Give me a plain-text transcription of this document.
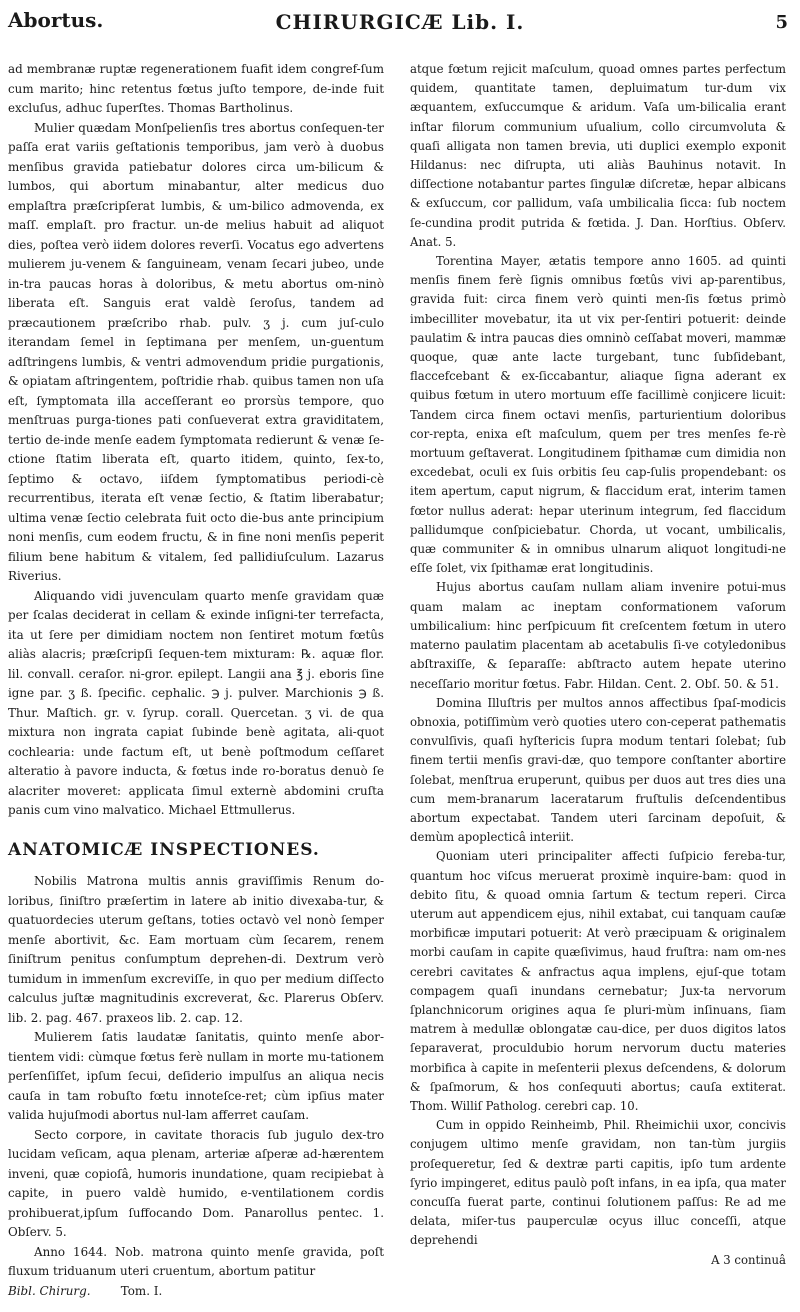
Abortus.	CHIRURGICÆ Lib. I.	5

ad membranæ ruptæ regenerationem fuafit idem congref-ſum cum marito; hinc retentus fœtus juſto tempore, de-inde fuit excluſus, adhuc ſuperſtes. Thomas Bartholinus.

Mulier quædam Monſpelienſis tres abortus conſequen-ter paſſa erat variis geſtationis temporibus, jam verò à duobus menſibus gravida patiebatur dolores circa um-bilicum & lumbos, qui abortum minabantur, alter medicus duo emplaſtra præſcripſerat lumbis, & um-bilico admovenda, ex maſſ. emplaſt. pro fractur. un-de melius habuit ad aliquot dies, poſtea verò iidem dolores reverſi. Vocatus ego advertens mulierem ju-venem & ſanguineam, venam ſecari jubeo, unde in-tra paucas horas à doloribus, & metu abortus om-ninò liberata eſt. Sanguis erat valdè ſeroſus, tandem ad præcautionem præſcribo rhab. pulv. ʒ j. cum juſ-culo iterandam ſemel in ſeptimana per menſem, un-guentum adſtringens lumbis, & ventri admovendum pridie purgationis, & opiatam aſtringentem, poſtridie rhab. quibus tamen non uſa eſt, ſymptomata illa acceſſerant eo prorsùs tempore, quo menſtruas purga-tiones pati conſueverat extra graviditatem, tertio de-inde menſe eadem ſymptomata redierunt & venæ ſe-ctione ſtatim liberata eſt, quarto itidem, quinto, ſex-to, ſeptimo & octavo, iiſdem ſymptomatibus periodi-cè recurrentibus, iterata eſt venæ ſectio, & ſtatim liberabatur; ultima venæ ſectio celebrata fuit octo die-bus ante principium noni menſis, cum eodem fructu, & in fine noni menſis peperit filium bene habitum & vitalem, ſed pallidiuſculum. Lazarus Riverius.

Aliquando vidi juvenculam quarto menſe gravidam quæ per ſcalas deciderat in cellam & exinde inſigni-ter terrefacta, ita ut ſere per dimidiam noctem non ſentiret motum fœtûs aliàs alacris; præſcripſi ſequen-tem mixturam: ℞. aquæ flor. lil. convall. ceraſor. ni-gror. epilept. Langii ana ℥ j. eboris ſine igne par. ʒ ß. ſpecific. cephalic. ℈ j. pulver. Marchionis ℈ ß. Thur. Maſtich. gr. v. ſyrup. corall. Quercetan. ʒ vi. de qua mixtura non ingrata capiat ſubinde benè agitata, ali-quot cochlearia: unde factum eſt, ut benè poſtmodum ceſſaret alteratio à pavore inducta, & fœtus inde ro-boratus denuò ſe alacriter moveret: applicata ſimul externè abdomini cruſta panis cum vino malvatico. Michael Ettmullerus.

ANATOMICÆ INSPECTIONES.

Nobilis Matrona multis annis graviſſimis Renum do-loribus, ſiniſtro præſertim in latere ab initio divexaba-tur, & quatuordecies uterum geſtans, toties octavò vel nonò ſemper menſe abortivit, &c. Eam mortuam cùm ſecarem, renem ſiniſtrum penitus conſumptum deprehen-di. Dextrum verò tumidum in immenſum excreviſſe, in quo per medium diſſecto calculus juſtæ magnitudinis excreverat, &c. Plarerus Obſerv. lib. 2. pag. 467. praxeos lib. 2. cap. 12.

Mulierem ſatis laudatæ ſanitatis, quinto menſe abor-tientem vidi: cùmque fœtus ferè nullam in morte mu-tationem perſenſiſſet, ipſum ſecui, deſiderio impulſus an aliqua necis cauſa in tam robuſto fœtu innoteſce-ret; cùm ipſius mater valida hujuſmodi abortus nul-lam afferret cauſam.

Secto corpore, in cavitate thoracis ſub jugulo dex-tro lucidam veſicam, aqua plenam, arteriæ aſperæ ad-hærentem inveni, quæ copioſâ, humoris inundatione, quam recipiebat à capite, in puero valdè humido, e-ventilationem cordis prohibuerat,ipſum ſuffocando Dom. Panarollus pentec. 1. Obſerv. 5.

Anno 1644. Nob. matrona quinto menſe gravida, poſt fluxum triduanum uteri cruentum, abortum patitur

Bibl. Chirurg.	Tom. I.

atque fœtum rejicit maſculum, quoad omnes partes perfectum quidem, quantitate tamen, depluimatum tur-dum vix æquantem, exſuccumque & aridum. Vaſa um-bilicalia erant inſtar filorum communium uſualium, collo circumvoluta & quaſi alligata non tamen brevia, uti duplici exemplo exponit Hildanus: nec diſrupta, uti aliàs Bauhinus notavit. In diſſectione notabantur partes ſingulæ diſcretæ, hepar albicans & exſuccum, cor pallidum, vaſa umbilicalia ſicca: ſub noctem ſe-cundina prodit putrida & fœtida. J. Dan. Horſtius. Obſerv. Anat. 5.

Torentina Mayer, ætatis tempore anno 1605. ad quinti menſis finem ferè ſignis omnibus fœtûs vivi ap-parentibus, gravida fuit: circa finem verò quinti men-ſis fœtus primò imbecilliter movebatur, ita ut vix per-ſentiri potuerit: deinde paulatim & intra paucas dies omninò ceſſabat moveri, mammæ quoque, quæ ante lacte turgebant, tunc ſubſidebant, flaccefcebant & ex-ſiccabantur, aliaque ſigna aderant ex quibus fœtum in utero mortuum eſſe facillimè conjicere licuit: Tandem circa finem octavi menſis, parturientium doloribus cor-repta, enixa eſt maſculum, quem per tres menſes fe-rè mortuum geſtaverat. Longitudinem ſpithamæ cum dimidia non excedebat, oculi ex ſuis orbitis ſeu cap-ſulis propendebant: os item apertum, caput nigrum, & flaccidum erat, interim tamen fœtor nullus aderat: hepar uterinum integrum, ſed flaccidum pallidumque conſpiciebatur. Chorda, ut vocant, umbilicalis, quæ communiter & in omnibus ulnarum aliquot longitudi-ne eſſe ſolet, vix ſpithamæ erat longitudinis.

Hujus abortus cauſam nullam aliam invenire potui-mus quam malam ac ineptam conformationem vaſorum umbilicalium: hinc perſpicuum fit creſcentem fœtum in utero materno paulatim placentam ab acetabulis ſi-ve cotyledonibus abſtraxiſſe, & ſeparaſſe: abſtracto autem hepate uterino neceſſario moritur fœtus. Fabr. Hildan. Cent. 2. Obſ. 50. & 51.

Domina Illuſtris per multos annos affectibus ſpaſ-modicis obnoxia, potiſſimùm verò quoties utero con-ceperat pathematis convulſivis, quaſi hyſtericis ſupra modum tentari ſolebat; ſub finem tertii menſis gravi-dæ, quo tempore conſtanter abortire ſolebat, menſtrua eruperunt, quibus per duos aut tres dies una cum mem-branarum laceratarum fruſtulis deſcendentibus abortum expectabat. Tandem uteri ſarcinam depoſuit, & demùm apoplecticâ interiit.

Quoniam uteri principaliter affecti ſuſpicio fereba-tur, quantum hoc viſcus meruerat proximè inquire-bam: quod in debito ſitu, & quoad omnia ſartum & tectum reperi. Circa uterum aut appendicem ejus, nihil extabat, cui tanquam cauſæ morbificæ imputari potuerit: At verò præcipuam & originalem morbi cauſam in capite quæſivimus, haud fruſtra: nam om-nes cerebri cavitates & anfractus aqua implens, ejuſ-que totam compagem quaſi inundans cernebatur; Jux-ta nervorum ſplanchnicorum origines aqua ſe pluri-mùm inſinuans, ſiam matrem à medullæ oblongatæ cau-dice, per duos digitos latos ſeparaverat, proculdubio horum nervorum ductu materies morbifica à capite in meſenterii plexus deſcendens, & dolorum & ſpaſmorum, & hos conſequuti abortus; cauſa extiterat. Thom. Williſ Patholog. cerebri cap. 10.

Cum in oppido Reinheimb, Phil. Rheimichii uxor, concivis conjugem ultimo menſe gravidam, non tan-tùm jurgiis proſequeretur, ſed & dextræ parti capitis, ipſo tum ardente ſyrio impingeret, editus paulò poſt infans, in ea ipſa, qua mater concuſſa fuerat parte, continui ſolutionem paſſus: Re ad me delata, miſer-tus pauperculæ ocyus illuc conceſſi, atque deprehendi

A 3 continuâ
